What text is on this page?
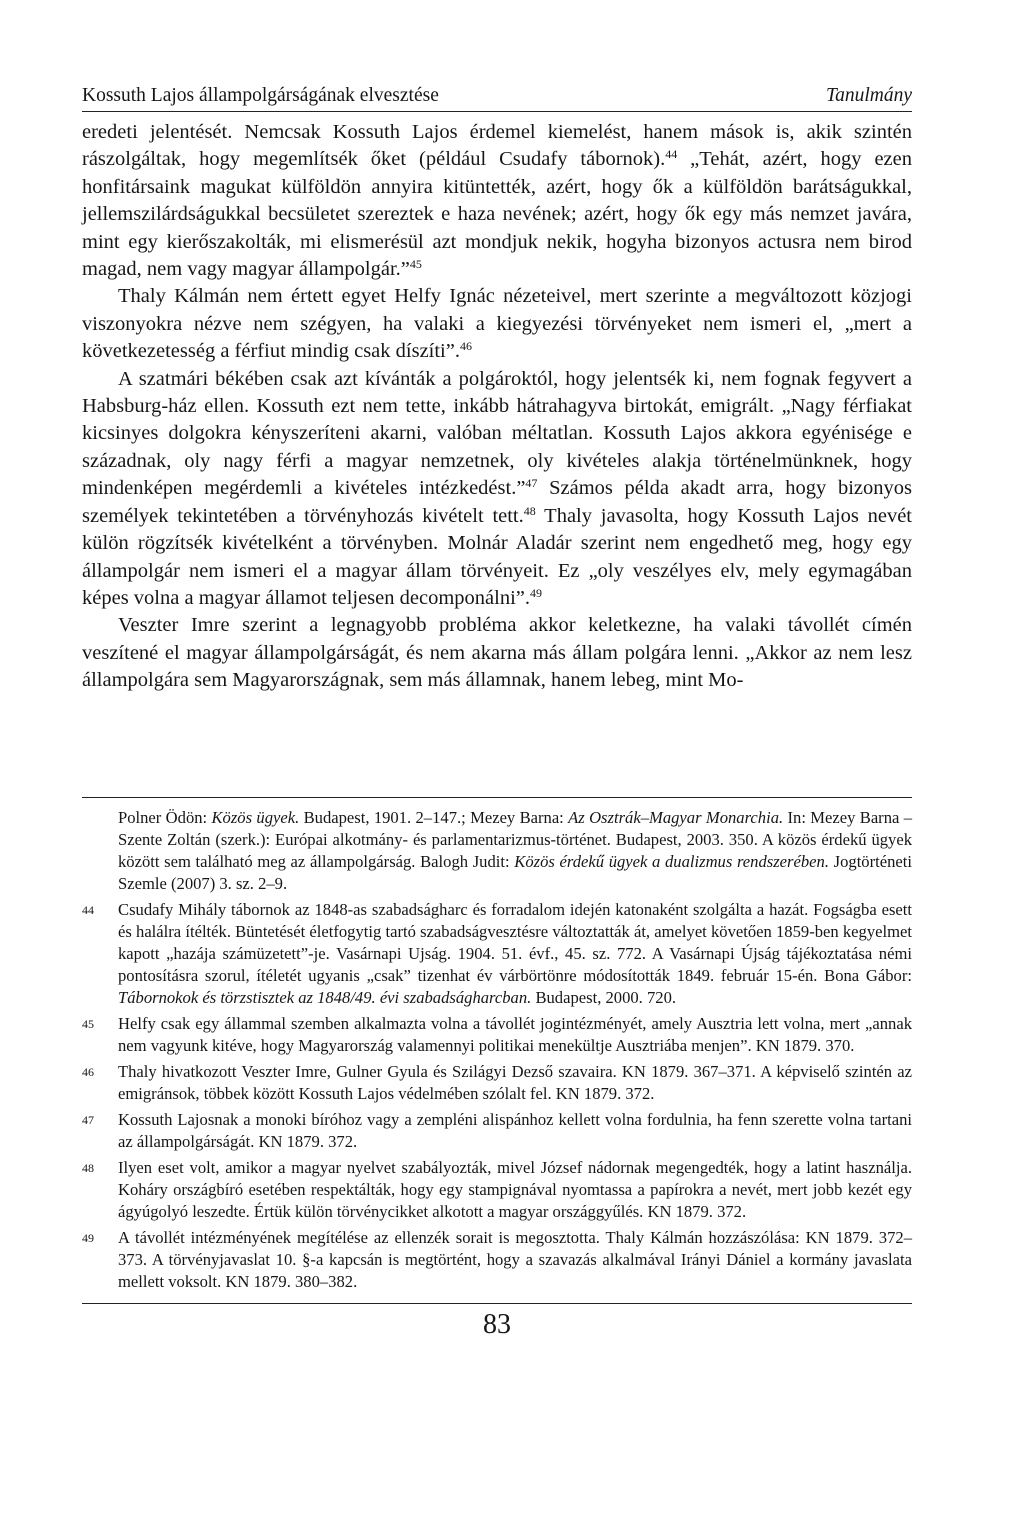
Kossuth Lajos állampolgárságának elvesztése	Tanulmány

eredeti jelentését. Nemcsak Kossuth Lajos érdemel kiemelést, hanem mások is, akik szintén rászolgáltak, hogy megemlítsék őket (például Csudafy tábornok).$^{44}$ „Tehát, azért, hogy ezen honfitársaink magukat külföldön annyira kitüntették, azért, hogy ők a külföldön barátságukkal, jellemszilárdságukkal becsületet szereztek e haza nevének; azért, hogy ők egy más nemzet javára, mint egy kierőszakolták, mi elismerésül azt mondjuk nekik, hogyha bizonyos actusra nem birod magad, nem vagy magyar állampolgár.”$^{45}$

Thaly Kálmán nem értett egyet Helfy Ignác nézeteivel, mert szerinte a megváltozott közjogi viszonyokra nézve nem szégyen, ha valaki a kiegyezési törvényeket nem ismeri el, „mert a következetesség a férfiut mindig csak díszíti”.$^{46}$

A szatmári békében csak azt kívánták a polgároktól, hogy jelentsék ki, nem fognak fegyvert a Habsburg-ház ellen. Kossuth ezt nem tette, inkább hátrahagyva birtokát, emigrált. „Nagy férfiakat kicsinyes dolgokra kényszeríteni akarni, valóban méltatlan. Kossuth Lajos akkora egyénisége e századnak, oly nagy férfi a magyar nemzetnek, oly kivételes alakja történelmünknek, hogy mindenképen megérdemli a kivételes intézkedést.”$^{47}$ Számos példa akadt arra, hogy bizonyos személyek tekintetében a törvényhozás kivételt tett.$^{48}$ Thaly javasolta, hogy Kossuth Lajos nevét külön rögzítsék kivételként a törvényben. Molnár Aladár szerint nem engedhető meg, hogy egy állampolgár nem ismeri el a magyar állam törvényeit. Ez „oly veszélyes elv, mely egymagában képes volna a magyar államot teljesen decomponálni”.$^{49}$

Veszter Imre szerint a legnagyobb probléma akkor keletkezne, ha valaki távollét címén veszítené el magyar állampolgárságát, és nem akarna más állam polgára lenni. „Akkor az nem lesz állampolgára sem Magyarországnak, sem más államnak, hanem lebeg, mint Mo-

Polner Ödön: Közös ügyek. Budapest, 1901. 2–147.; Mezey Barna: Az Osztrák–Magyar Monarchia. In: Mezey Barna – Szente Zoltán (szerk.): Európai alkotmány- és parlamentarizmus-történet. Budapest, 2003. 350. A közös érdekű ügyek között sem található meg az állampolgárság. Balogh Judit: Közös érdekű ügyek a dualizmus rendszerében. Jogtörténeti Szemle (2007) 3. sz. 2–9.
44 Csudafy Mihály tábornok az 1848-as szabadságharc és forradalom idején katonaként szolgálta a hazát. Fogságba esett és halálra ítélték. Büntetését életfogytig tartó szabadságvesztésre változtatták át, amelyet követően 1859-ben kegyelmet kapott „hazája számüzetett”-je. Vasárnapi Ujság. 1904. 51. évf., 45. sz. 772. A Vasárnapi Újság tájékoztatása némi pontosításra szorul, ítéletét ugyanis „csak” tizenhat év várbörtönre módosították 1849. február 15-én. Bona Gábor: Tábornokok és törzstisztek az 1848/49. évi szabadságharcban. Budapest, 2000. 720.
45 Helfy csak egy állammal szemben alkalmazta volna a távollét jogintézményét, amely Ausztria lett volna, mert „annak nem vagyunk kitéve, hogy Magyarország valamennyi politikai menekültje Ausztriába menjen”. KN 1879. 370.
46 Thaly hivatkozott Veszter Imre, Gulner Gyula és Szilágyi Dezső szavaira. KN 1879. 367–371. A képviselő szintén az emigránsok, többek között Kossuth Lajos védelmében szólalt fel. KN 1879. 372.
47 Kossuth Lajosnak a monoki bíróhoz vagy a zempléni alispánhoz kellett volna fordulnia, ha fenn szerette volna tartani az állampolgárságát. KN 1879. 372.
48 Ilyen eset volt, amikor a magyar nyelvet szabályozták, mivel József nádornak megengedték, hogy a latint használja. Koháry országbíró esetében respektálták, hogy egy stampignával nyomtassa a papírokra a nevét, mert jobb kezét egy ágyúgolyó leszedte. Értük külön törvénycikket alkotott a magyar országgyűlés. KN 1879. 372.
49 A távollét intézményének megítélése az ellenzék sorait is megosztotta. Thaly Kálmán hozzászólása: KN 1879. 372–373. A törvényjavaslat 10. §-a kapcsán is megtörtént, hogy a szavazás alkalmával Irányi Dániel a kormány javaslata mellett voksolt. KN 1879. 380–382.
83
